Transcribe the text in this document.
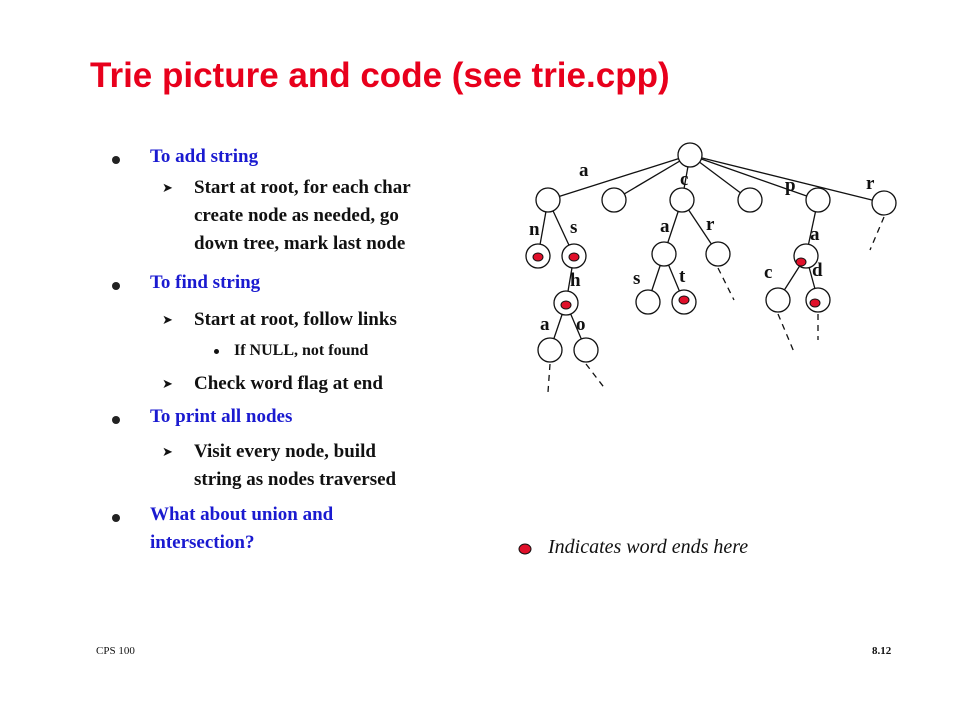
Trie picture and code (see trie.cpp)
To add string
➤ Start at root, for each char
create node as needed, go
down tree, mark last node
To find string
➤ Start at root, follow links
If NULL, not found
➤ Check word flag at end
To print all nodes
➤ Visit every node, build
string as nodes traversed
What about union and
intersection?
a	c	p	r
n s	a r	a
h	s t	c d
a o
Indicates word ends here
CPS 100	8.12
